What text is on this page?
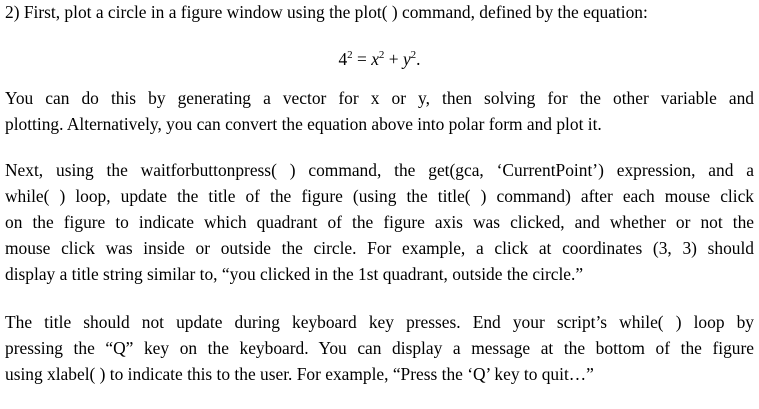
2) First, plot a circle in a figure window using the plot( ) command, defined by the equation:
$4^2 = x^2 + y^2$.
You can do this by generating a vector for x or y, then solving for the other variable and
plotting. Alternatively, you can convert the equation above into polar form and plot it.
Next, using the waitforbuttonpress( ) command, the get(gca, ‘CurrentPoint’) expression, and a
while( ) loop, update the title of the figure (using the title( ) command) after each mouse click
on the figure to indicate which quadrant of the figure axis was clicked, and whether or not the
mouse click was inside or outside the circle. For example, a click at coordinates (3, 3) should
display a title string similar to, “you clicked in the 1st quadrant, outside the circle.”
The title should not update during keyboard key presses. End your script’s while( ) loop by
pressing the “Q” key on the keyboard. You can display a message at the bottom of the figure
using xlabel( ) to indicate this to the user. For example, “Press the ‘Q’ key to quit…”
